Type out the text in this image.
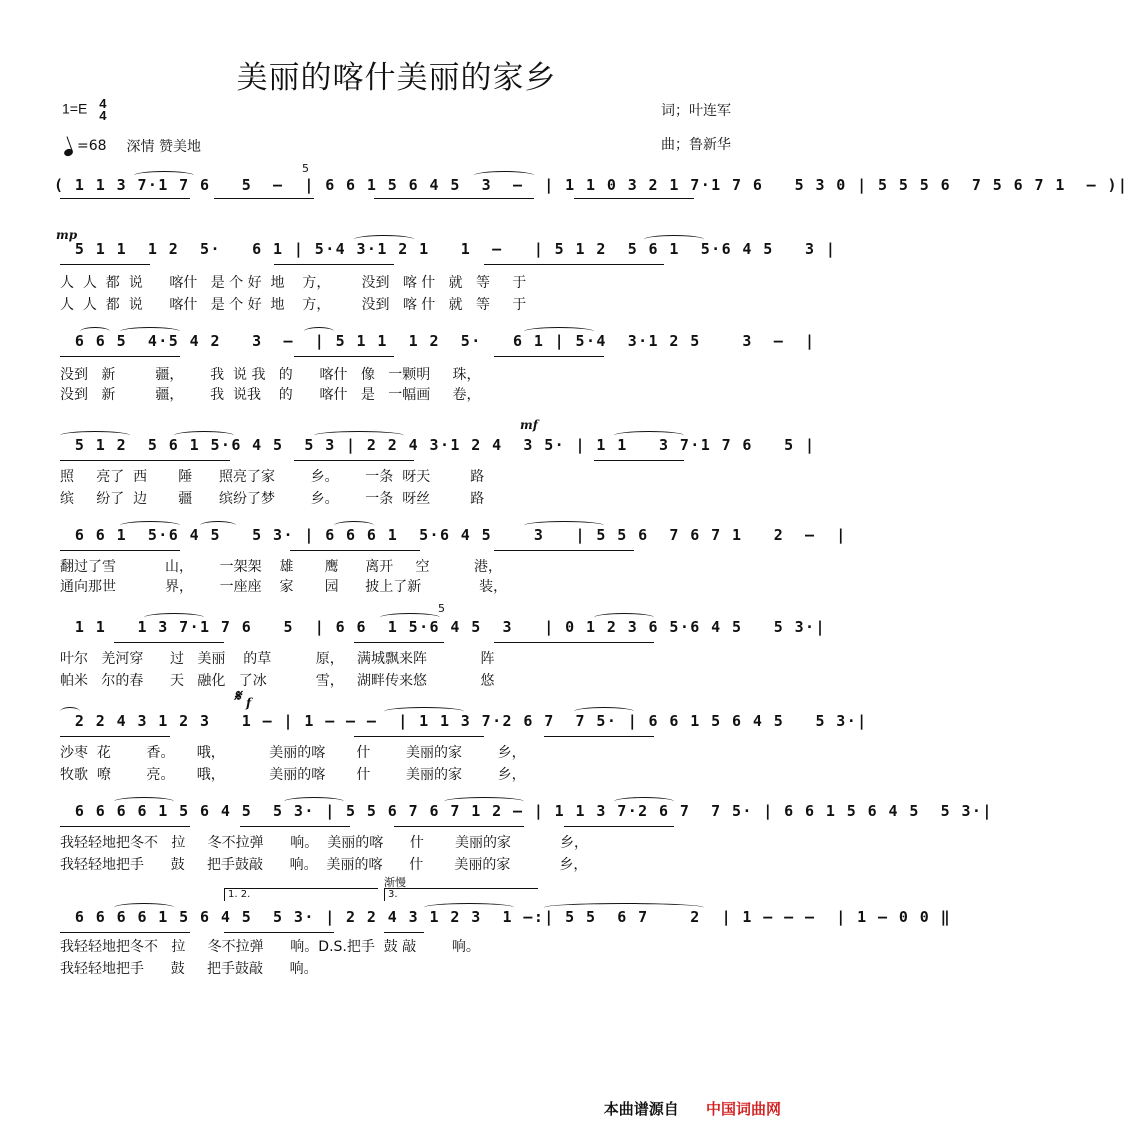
美丽的喀什美丽的家乡
1=E 4
4
=68 深情 赞美地
词；叶连军
曲；鲁新华
( 1 1 3 7·1 7 6   5  –  | 6 6 1 5 6 4 5  3  –  | 1 1 0 3 2 1 7·1 7 6   5 3 0 | 5 5 5 6  7 5 6 7 1  – )|
5
mp
5 1 1  1 2  5·   6 1 | 5·4 3·1 2 1   1  –   | 5 1 2  5 6 1  5·6 4 5   3 |
人  人  都  说      喀什   是 个 好  地    方，       没到   喀 什   就   等     于
人  人  都  说      喀什   是 个 好  地    方，       没到   喀 什   就   等     于
6 6 5  4·5 4 2   3  –  | 5 1 1  1 2  5·   6 1 | 5·4  3·1 2 5    3  –  |
没到   新         疆，      我  说 我   的      喀什   像   一颗明     珠，
没到   新         疆，      我  说我    的      喀什   是   一幅画     卷，
mf
5 1 2  5 6 1 5·6 4 5  5 3 | 2 2 4 3·1 2 4  3 5· | 1 1   3 7·1 7 6   5 |
照     亮了  西       陲      照亮了家        乡。      一条  呀天         路
缤     纷了  边       疆      缤纷了梦        乡。      一条  呀丝         路
6 6 1  5·6 4 5   5 3· | 6 6 6 1  5·6 4 5    3   | 5 5 6  7 6 7 1   2  –  |
翻过了雪           山，      一架架    雄       鹰      离开     空          港，
通向那世           界，      一座座    家       园      披上了新             装，
1 1   1 3 7·1 7 6   5  | 6 6  1 5·6 4 5  3   | 0 1 2 3 6 5·6 4 5   5 3·|
5
叶尔   羌河穿      过   美丽    的草          原，   满城飘来阵            阵
帕米   尔的春      天   融化   了冰           雪，   湖畔传来悠            悠
𝄋 f
2 2 4 3 1 2 3   1 – | 1 – – –  | 1 1 3 7·2 6 7  7 5· | 6 6 1 5 6 4 5   5 3·|
沙枣  花        香。     哦，          美丽的喀       什        美丽的家        乡，
牧歌  嘹        亮。     哦，          美丽的喀       什        美丽的家        乡，
6 6 6 6 1 5 6 4 5  5 3· | 5 5 6 7 6 7 1 2 – | 1 1 3 7·2 6 7  7 5· | 6 6 1 5 6 4 5  5 3·|
我轻轻地把冬不   拉     冬不拉弹      响。  美丽的喀      什       美丽的家           乡，
我轻轻地把手      鼓     把手鼓敲      响。  美丽的喀      什       美丽的家           乡，
1. 2.	3.
渐慢
6 6 6 6 1 5 6 4 5  5 3· | 2 2 4 3 1 2 3  1 –:| 5 5  6 7    2  | 1 – – –  | 1 – 0 0 ‖
我轻轻地把冬不   拉     冬不拉弹      响。D.S.把手  鼓 敲        响。
我轻轻地把手      鼓     把手鼓敲      响。
本曲谱源自 中国词曲网
